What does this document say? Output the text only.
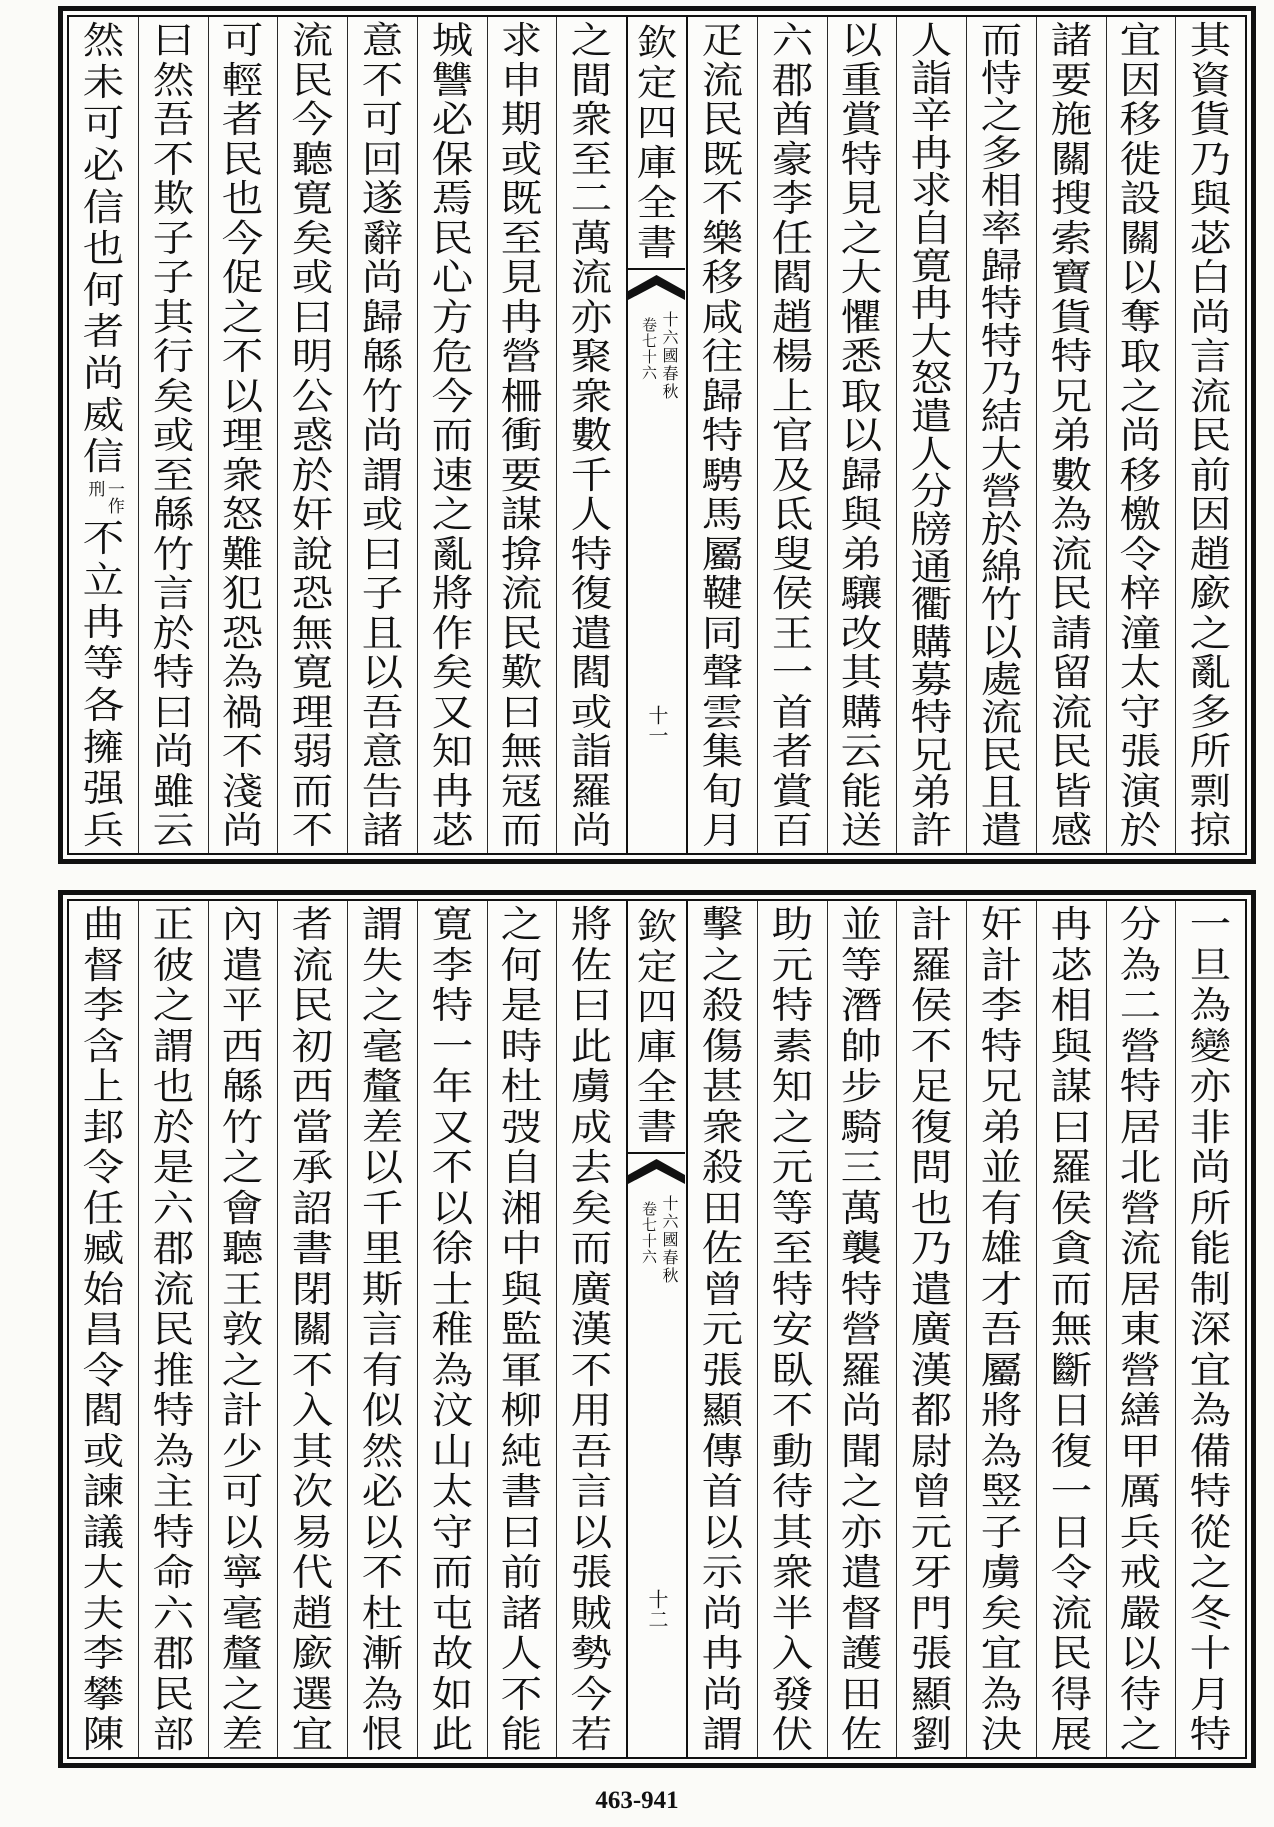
其
資
貨
乃
與
苾
白
尚
言
流
民
前
因
趙
廞
之
亂
多
所
剽
掠
宜
因
移
徙
設
關
以
奪
取
之
尚
移
檄
令
梓
潼
太
守
張
演
於
諸
要
施
關
搜
索
寶
貨
特
兄
弟
數
為
流
民
請
留
流
民
皆
感
而
恃
之
多
相
率
歸
特
特
乃
結
大
營
於
綿
竹
以
處
流
民
且
遣
人
詣
辛
冉
求
自
寛
冉
大
怒
遣
人
分
牓
通
衢
購
募
特
兄
弟
許
以
重
賞
特
見
之
大
懼
悉
取
以
歸
與
弟
驤
改
其
購
云
能
送
六
郡
酋
豪
李
任
閻
趙
楊
上
官
及
氐
叟
侯
王
一
首
者
賞
百
疋
流
民
既
不
樂
移
咸
往
歸
特
騁
馬
屬
鞬
同
聲
雲
集
旬
月
欽
定
四
庫
全
書
十六國春秋
卷七十六
十一
之
間
衆
至
二
萬
流
亦
聚
衆
數
千
人
特
復
遣
閻
或
詣
羅
尚
求
申
期
或
既
至
見
冉
營
柵
衝
要
謀
揜
流
民
歎
曰
無
冦
而
城
讐
必
保
焉
民
心
方
危
今
而
速
之
亂
將
作
矣
又
知
冉
苾
意
不
可
回
遂
辭
尚
歸
緜
竹
尚
謂
或
曰
子
且
以
吾
意
告
諸
流
民
今
聽
寛
矣
或
曰
明
公
惑
於
奸
說
恐
無
寛
理
弱
而
不
可
輕
者
民
也
今
促
之
不
以
理
衆
怒
難
犯
恐
為
禍
不
淺
尚
曰
然
吾
不
欺
子
子
其
行
矣
或
至
緜
竹
言
於
特
曰
尚
雖
云
然
未
可
必
信
也
何
者
尚
威
信
一作刑
不
立
冉
等
各
擁
强
兵
一
旦
為
變
亦
非
尚
所
能
制
深
宜
為
備
特
從
之
冬
十
月
特
分
為
二
營
特
居
北
營
流
居
東
營
繕
甲
厲
兵
戒
嚴
以
待
之
冉
苾
相
與
謀
曰
羅
侯
貪
而
無
斷
日
復
一
日
令
流
民
得
展
奸
計
李
特
兄
弟
並
有
雄
才
吾
屬
將
為
竪
子
虜
矣
宜
為
決
計
羅
侯
不
足
復
問
也
乃
遣
廣
漢
都
尉
曾
元
牙
門
張
顯
劉
並
等
潛
帥
步
騎
三
萬
襲
特
營
羅
尚
聞
之
亦
遣
督
護
田
佐
助
元
特
素
知
之
元
等
至
特
安
臥
不
動
待
其
衆
半
入
發
伏
擊
之
殺
傷
甚
衆
殺
田
佐
曾
元
張
顯
傳
首
以
示
尚
冉
尚
謂
欽
定
四
庫
全
書
十六國春秋
卷七十六
十二
將
佐
曰
此
虜
成
去
矣
而
廣
漢
不
用
吾
言
以
張
賊
勢
今
若
之
何
是
時
杜
弢
自
湘
中
與
監
軍
柳
純
書
曰
前
諸
人
不
能
寛
李
特
一
年
又
不
以
徐
士
稚
為
汶
山
太
守
而
屯
故
如
此
謂
失
之
毫
釐
差
以
千
里
斯
言
有
似
然
必
以
不
杜
漸
為
恨
者
流
民
初
西
當
承
詔
書
閉
關
不
入
其
次
易
代
趙
廞
選
宜
內
遣
平
西
緜
竹
之
會
聽
王
敦
之
計
少
可
以
寧
毫
釐
之
差
正
彼
之
謂
也
於
是
六
郡
流
民
推
特
為
主
特
命
六
郡
民
部
曲
督
李
含
上
邽
令
任
臧
始
昌
令
閻
或
諫
議
大
夫
李
攀
陳
463-941
